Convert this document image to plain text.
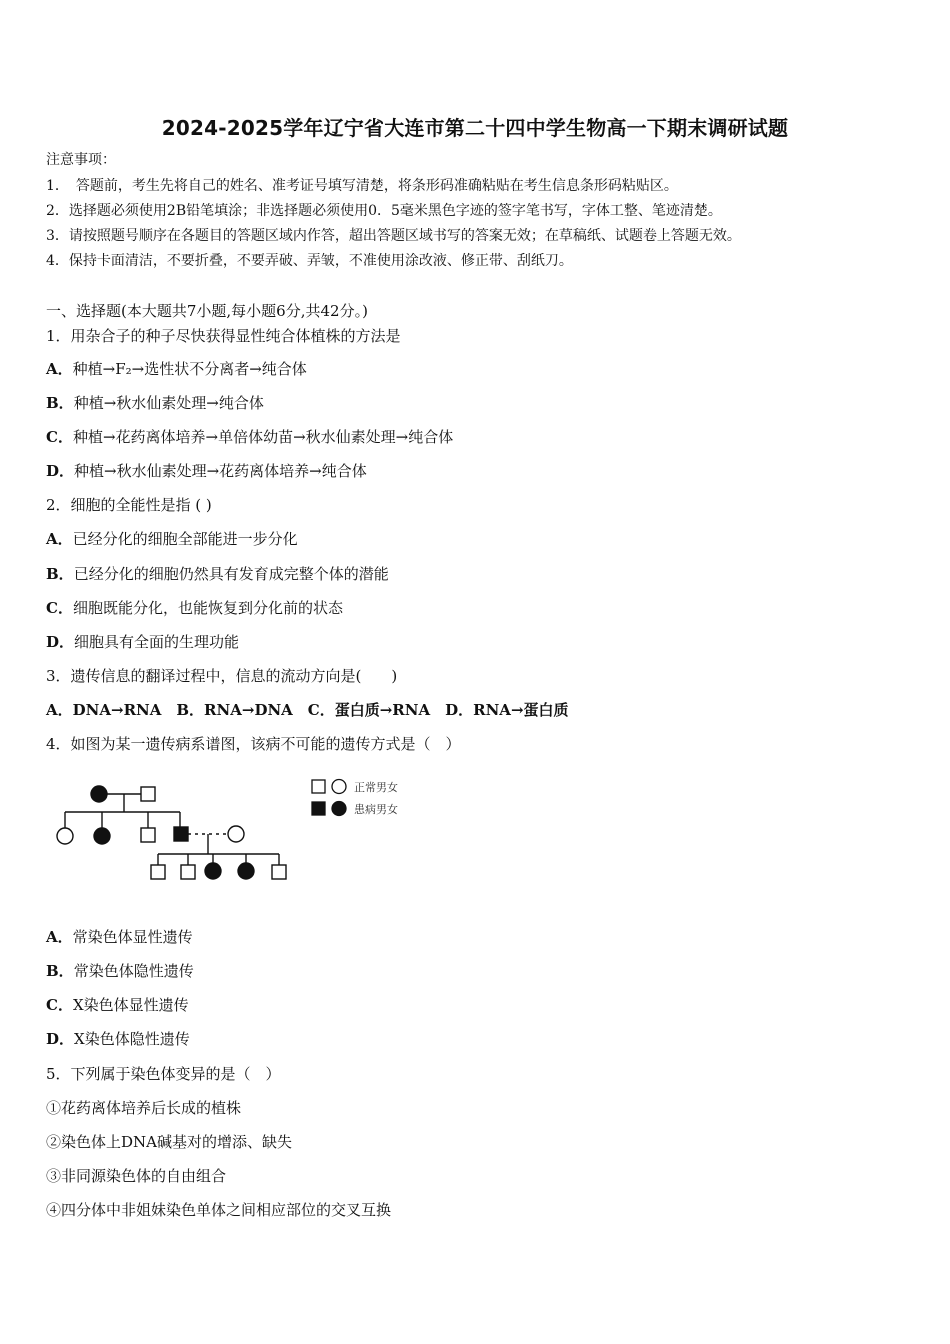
2024-2025学年辽宁省大连市第二十四中学生物高一下期末调研试题
注意事项：
1．　答题前，考生先将自己的姓名、准考证号填写清楚，将条形码准确粘贴在考生信息条形码粘贴区。
2．选择题必须使用2B铅笔填涂；非选择题必须使用0．5毫米黑色字迹的签字笔书写，字体工整、笔迹清楚。
3．请按照题号顺序在各题目的答题区域内作答，超出答题区域书写的答案无效；在草稿纸、试题卷上答题无效。
4．保持卡面清洁，不要折叠，不要弄破、弄皱，不准使用涂改液、修正带、刮纸刀。
一、选择题(本大题共7小题,每小题6分,共42分。)
1．用杂合子的种子尽快获得显性纯合体植株的方法是
A．种植→F₂→选性状不分离者→纯合体
B．种植→秋水仙素处理→纯合体
C．种植→花药离体培养→单倍体幼苗→秋水仙素处理→纯合体
D．种植→秋水仙素处理→花药离体培养→纯合体
2．细胞的全能性是指 ( )
A．已经分化的细胞全部能进一步分化
B．已经分化的细胞仍然具有发育成完整个体的潜能
C．细胞既能分化，也能恢复到分化前的状态
D．细胞具有全面的生理功能
3．遗传信息的翻译过程中，信息的流动方向是(　　)
A．DNA→RNA　B．RNA→DNA　C．蛋白质→RNA　D．RNA→蛋白质
4．如图为某一遗传病系谱图，该病不可能的遗传方式是（　）
正常男女
患病男女
A．常染色体显性遗传
B．常染色体隐性遗传
C．X染色体显性遗传
D．X染色体隐性遗传
5．下列属于染色体变异的是（　）
①花药离体培养后长成的植株
②染色体上DNA碱基对的增添、缺失
③非同源染色体的自由组合
④四分体中非姐妹染色单体之间相应部位的交叉互换
